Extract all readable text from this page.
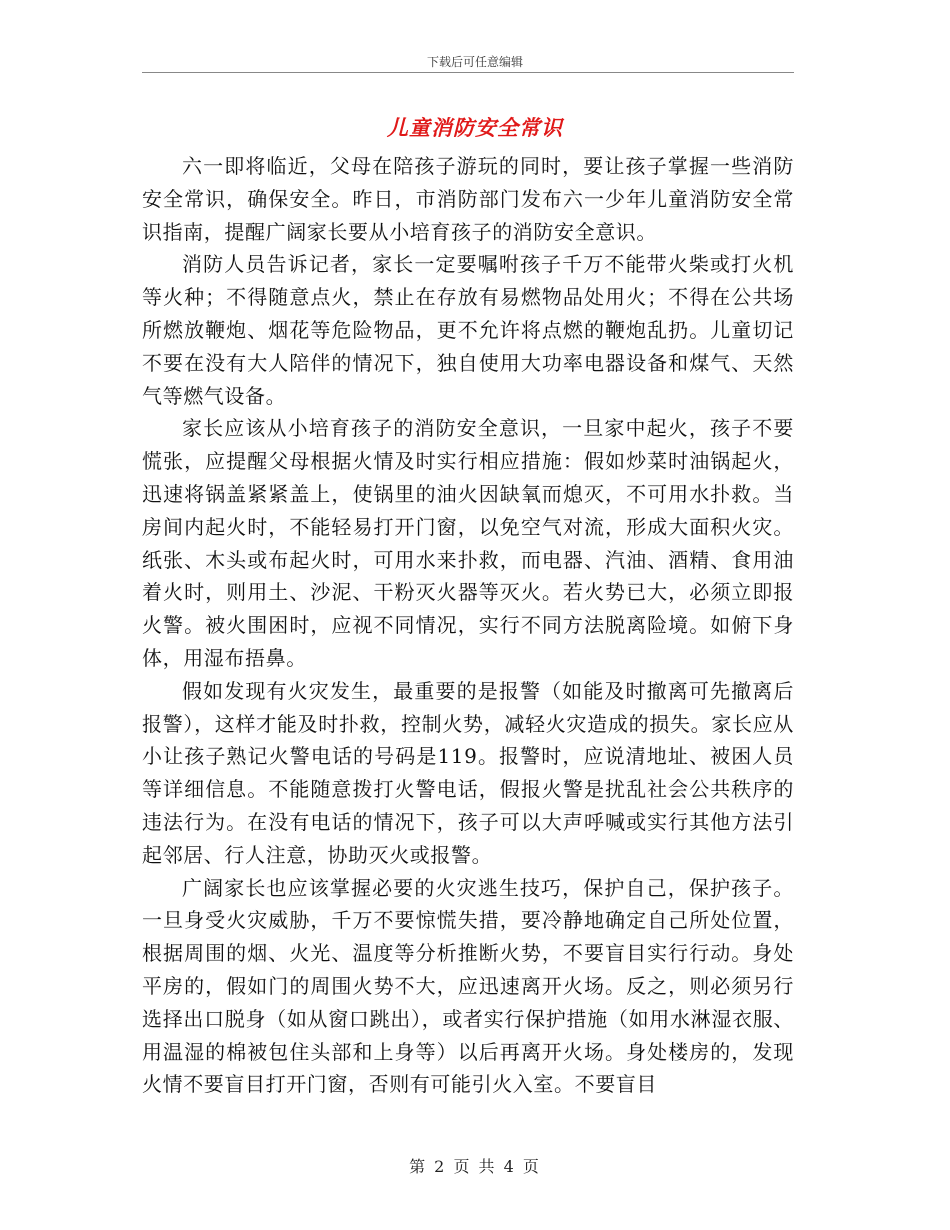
下载后可任意编辑
儿童消防安全常识

六一即将临近，父母在陪孩子游玩的同时，要让孩子掌握一些消防安全常识，确保安全。昨日，市消防部门发布六一少年儿童消防安全常识指南，提醒广阔家长要从小培育孩子的消防安全意识。

消防人员告诉记者，家长一定要嘱咐孩子千万不能带火柴或打火机等火种；不得随意点火，禁止在存放有易燃物品处用火；不得在公共场所燃放鞭炮、烟花等危险物品，更不允许将点燃的鞭炮乱扔。儿童切记不要在没有大人陪伴的情况下，独自使用大功率电器设备和煤气、天然气等燃气设备。

家长应该从小培育孩子的消防安全意识，一旦家中起火，孩子不要慌张，应提醒父母根据火情及时实行相应措施：假如炒菜时油锅起火，迅速将锅盖紧紧盖上，使锅里的油火因缺氧而熄灭，不可用水扑救。当房间内起火时，不能轻易打开门窗，以免空气对流，形成大面积火灾。纸张、木头或布起火时，可用水来扑救，而电器、汽油、酒精、食用油着火时，则用土、沙泥、干粉灭火器等灭火。若火势已大，必须立即报火警。被火围困时，应视不同情况，实行不同方法脱离险境。如俯下身体，用湿布捂鼻。

假如发现有火灾发生，最重要的是报警（如能及时撤离可先撤离后报警），这样才能及时扑救，控制火势，减轻火灾造成的损失。家长应从小让孩子熟记火警电话的号码是119。报警时，应说清地址、被困人员等详细信息。不能随意拨打火警电话，假报火警是扰乱社会公共秩序的违法行为。在没有电话的情况下，孩子可以大声呼喊或实行其他方法引起邻居、行人注意，协助灭火或报警。

广阔家长也应该掌握必要的火灾逃生技巧，保护自己，保护孩子。一旦身受火灾威胁，千万不要惊慌失措，要冷静地确定自己所处位置，根据周围的烟、火光、温度等分析推断火势，不要盲目实行行动。身处平房的，假如门的周围火势不大，应迅速离开火场。反之，则必须另行选择出口脱身（如从窗口跳出），或者实行保护措施（如用水淋湿衣服、用温湿的棉被包住头部和上身等）以后再离开火场。身处楼房的，发现火情不要盲目打开门窗，否则有可能引火入室。不要盲目

第 2 页 共 4 页
